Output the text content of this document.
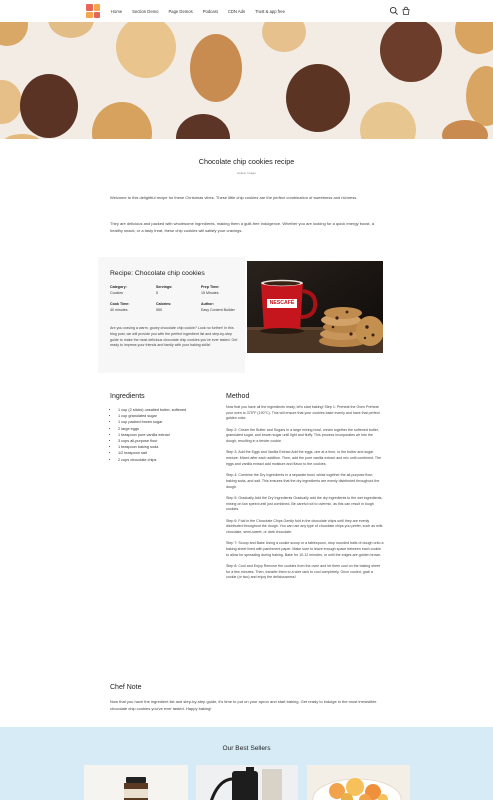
Home Section Demo Page Demos Podcast CDN Ads Trust & app free
Chocolate chip cookies recipe
Avatar Image
Welcome to this delightful recipe for these Christmas vibes. These little chip cookies are the perfect combination of sweetness and richness.
They are delicious and packed with wholesome ingredients, making them a guilt-free indulgence. Whether you are looking for a quick energy boost, a healthy snack, or a tasty treat, these chip cookies will satisfy your cravings.
Recipe: Chocolate chip cookies
Category:
Cookies
Servings:
5
Prep Time:
15 Minutes
Cook Time:
40 minutes
Calories:
550
Author:
Easy Content Builder
Are you craving a warm, gooey chocolate chip cookie? Look no further! In this blog post, we will provide you with the perfect ingredient list and step-by-step guide to make the most delicious chocolate chip cookies you've ever tasted. Get ready to impress your friends and family with your baking skills!
NESCAFÉ
Ingredients
• 1 cup (2 sticks) unsalted butter, softened
• 1 cup granulated sugar
• 1 cup packed brown sugar
• 2 large eggs
• 1 teaspoon pure vanilla extract
• 3 cups all-purpose flour
• 1 teaspoon baking soda
• 1/2 teaspoon salt
• 2 cups chocolate chips
Method

Now that you have all the ingredients ready, let's start baking! Step 1: Preheat the Oven Preheat your oven to 375°F (190°C). This will ensure that your cookies bake evenly and have that perfect golden color.

Step 2: Cream the Butter and Sugars In a large mixing bowl, cream together the softened butter, granulated sugar, and brown sugar until light and fluffy. This process incorporates air into the dough, resulting in a tender cookie.

Step 3: Add the Eggs and Vanilla Extract Add the eggs, one at a time, to the butter and sugar mixture. Mixed after each addition. Then, add the pure vanilla extract and mix until combined. The eggs and vanilla extract add moisture and flavor to the cookies.

Step 4: Combine the Dry Ingredients In a separate bowl, whisk together the all-purpose flour, baking soda, and salt. This ensures that the dry ingredients are evenly distributed throughout the dough.

Step 5: Gradually Add the Dry Ingredients Gradually add the dry ingredients to the wet ingredients, mixing on low speed until just combined. Be careful not to overmix, as this can result in tough cookies.

Step 6: Fold in the Chocolate Chips Gently fold in the chocolate chips until they are evenly distributed throughout the dough. You can use any type of chocolate chips you prefer, such as milk chocolate, semi-sweet, or dark chocolate.

Step 7: Scoop and Bake Using a cookie scoop or a tablespoon, drop rounded balls of dough onto a baking sheet lined with parchment paper. Make sure to leave enough space between each cookie to allow for spreading during baking. Bake for 10-12 minutes, or until the edges are golden brown.

Step 8: Cool and Enjoy Remove the cookies from the oven and let them cool on the baking sheet for a few minutes. Then, transfer them to a wire rack to cool completely. Once cooled, grab a cookie (or two) and enjoy the deliciousness!

Chef Note
Now that you have the ingredient list and step-by-step guide, it's time to put on your apron and start baking. Get ready to indulge in the most irresistible chocolate chip cookies you've ever tasted. Happy baking!
Our Best Sellers
